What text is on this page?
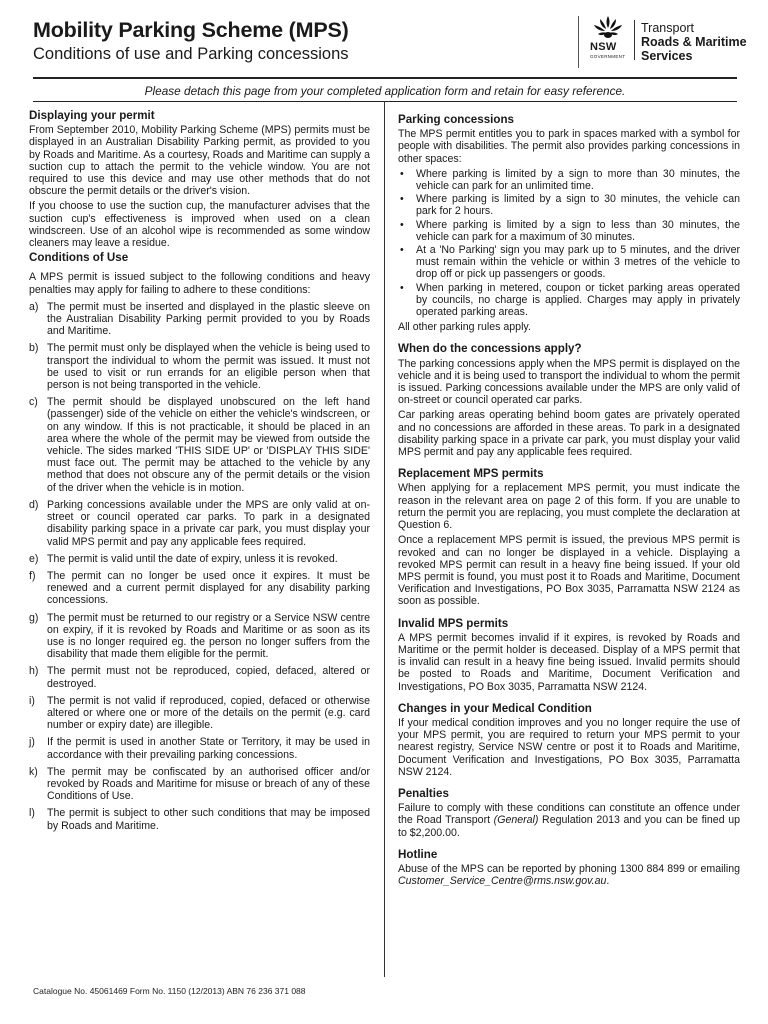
Mobility Parking Scheme (MPS)
Conditions of use and Parking concessions	NSW
GOVERNMENT
Transport
Roads & Maritime
Services
Please detach this page from your completed application form and retain for easy reference.
Displaying your permit

From September 2010, Mobility Parking Scheme (MPS) permits must be displayed in an Australian Disability Parking permit, as provided to you by Roads and Maritime. As a courtesy, Roads and Maritime can supply a suction cup to attach the permit to the vehicle window. You are not required to use this device and may use other methods that do not obscure the permit details or the driver's vision.

If you choose to use the suction cup, the manufacturer advises that the suction cup's effectiveness is improved when used on a clean windscreen. Use of an alcohol wipe is recommended as some window cleaners may leave a residue.

Conditions of Use

A MPS permit is issued subject to the following conditions and heavy penalties may apply for failing to adhere to these conditions:

a) The permit must be inserted and displayed in the plastic sleeve on the Australian Disability Parking permit provided to you by Roads and Maritime.
b) The permit must only be displayed when the vehicle is being used to transport the individual to whom the permit was issued. It must not be used to visit or run errands for an eligible person when that person is not being transported in the vehicle.
c) The permit should be displayed unobscured on the left hand (passenger) side of the vehicle on either the vehicle's windscreen, or on any window. If this is not practicable, it should be placed in an area where the whole of the permit may be viewed from outside the vehicle. The sides marked 'THIS SIDE UP' or 'DISPLAY THIS SIDE' must face out. The permit may be attached to the vehicle by any method that does not obscure any of the permit details or the vision of the driver when the vehicle is in motion.
d) Parking concessions available under the MPS are only valid at on-street or council operated car parks. To park in a designated disability parking space in a private car park, you must display your valid MPS permit and pay any applicable fees required.
e) The permit is valid until the date of expiry, unless it is revoked.
f) The permit can no longer be used once it expires. It must be renewed and a current permit displayed for any disability parking concessions.
g) The permit must be returned to our registry or a Service NSW centre on expiry, if it is revoked by Roads and Maritime or as soon as its use is no longer required eg. the person no longer suffers from the disability that made them eligible for the permit.
h) The permit must not be reproduced, copied, defaced, altered or destroyed.
i) The permit is not valid if reproduced, copied, defaced or otherwise altered or where one or more of the details on the permit (e.g. card number or expiry date) are illegible.
j) If the permit is used in another State or Territory, it may be used in accordance with their prevailing parking concessions.
k) The permit may be confiscated by an authorised officer and/or revoked by Roads and Maritime for misuse or breach of any of these Conditions of Use.
l) The permit is subject to other such conditions that may be imposed by Roads and Maritime.
Parking concessions

The MPS permit entitles you to park in spaces marked with a symbol for people with disabilities. The permit also provides parking concessions in other spaces:

• Where parking is limited by a sign to more than 30 minutes, the vehicle can park for an unlimited time.
• Where parking is limited by a sign to 30 minutes, the vehicle can park for 2 hours.
• Where parking is limited by a sign to less than 30 minutes, the vehicle can park for a maximum of 30 minutes.
• At a 'No Parking' sign you may park up to 5 minutes, and the driver must remain within the vehicle or within 3 metres of the vehicle to drop off or pick up passengers or goods.
• When parking in metered, coupon or ticket parking areas operated by councils, no charge is applied. Charges may apply in privately operated parking areas.

All other parking rules apply.

When do the concessions apply?

The parking concessions apply when the MPS permit is displayed on the vehicle and it is being used to transport the individual to whom the permit is issued. Parking concessions available under the MPS are only valid of on-street or council operated car parks.

Car parking areas operating behind boom gates are privately operated and no concessions are afforded in these areas. To park in a designated disability parking space in a private car park, you must display your valid MPS permit and pay any applicable fees required.

Replacement MPS permits

When applying for a replacement MPS permit, you must indicate the reason in the relevant area on page 2 of this form. If you are unable to return the permit you are replacing, you must complete the declaration at Question 6.

Once a replacement MPS permit is issued, the previous MPS permit is revoked and can no longer be displayed in a vehicle. Displaying a revoked MPS permit can result in a heavy fine being issued. If your old MPS permit is found, you must post it to Roads and Maritime, Document Verification and Investigations, PO Box 3035, Parramatta NSW 2124 as soon as possible.

Invalid MPS permits

A MPS permit becomes invalid if it expires, is revoked by Roads and Maritime or the permit holder is deceased. Display of a MPS permit that is invalid can result in a heavy fine being issued. Invalid permits should be posted to Roads and Maritime, Document Verification and Investigations, PO Box 3035, Parramatta NSW 2124.

Changes in your Medical Condition

If your medical condition improves and you no longer require the use of your MPS permit, you are required to return your MPS permit to your nearest registry, Service NSW centre or post it to Roads and Maritime, Document Verification and Investigations, PO Box 3035, Parramatta NSW 2124.

Penalties

Failure to comply with these conditions can constitute an offence under the Road Transport (General) Regulation 2013 and you can be fined up to $2,200.00.

Hotline

Abuse of the MPS can be reported by phoning 1300 884 899 or emailing Customer_Service_Centre@rms.nsw.gov.au.

Catalogue No. 45061469 Form No. 1150 (12/2013) ABN 76 236 371 088
